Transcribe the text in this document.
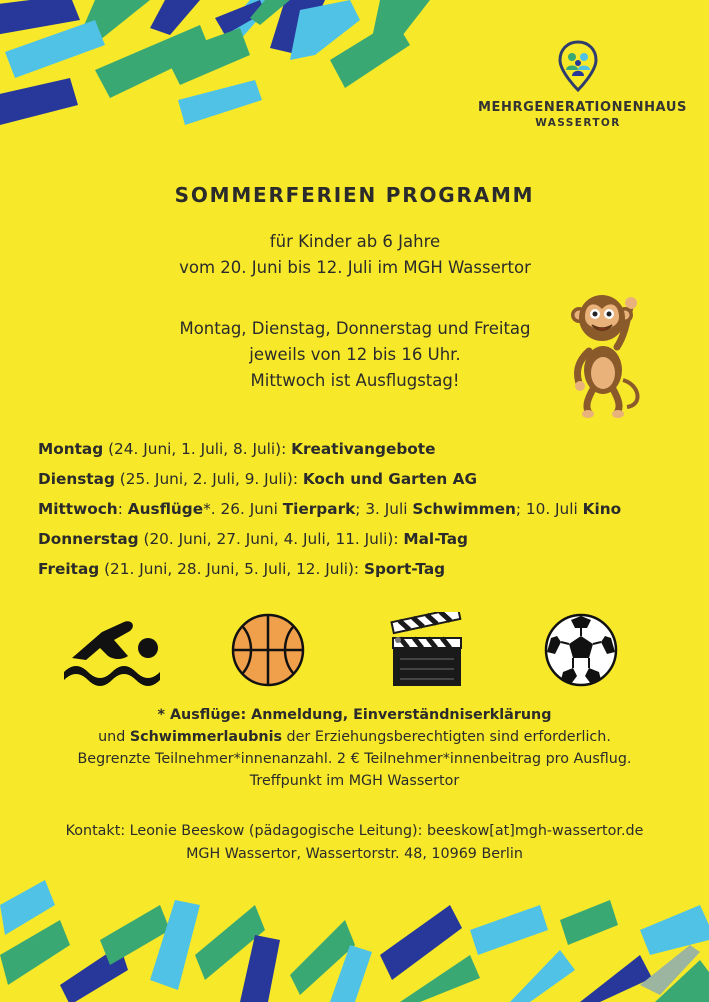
MEHRGENERATIONENHAUS
WASSERTOR
SOMMERFERIEN PROGRAMM
für Kinder ab 6 Jahre
vom 20. Juni bis 12. Juli im MGH Wassertor
Montag, Dienstag, Donnerstag und Freitag
jeweils von 12 bis 16 Uhr.
Mittwoch ist Ausflugstag!
Montag (24. Juni, 1. Juli, 8. Juli): Kreativangebote
Dienstag (25. Juni, 2. Juli, 9. Juli): Koch und Garten AG
Mittwoch: Ausflüge*. 26. Juni Tierpark; 3. Juli Schwimmen; 10. Juli Kino
Donnerstag (20. Juni, 27. Juni, 4. Juli, 11. Juli): Mal-Tag
Freitag (21. Juni, 28. Juni, 5. Juli, 12. Juli): Sport-Tag
* Ausflüge: Anmeldung, Einverständniserklärung
und Schwimmerlaubnis der Erziehungsberechtigten sind erforderlich.
Begrenzte Teilnehmer*innenanzahl. 2 € Teilnehmer*innenbeitrag pro Ausflug.
Treffpunkt im MGH Wassertor
Kontakt: Leonie Beeskow (pädagogische Leitung): beeskow[at]mgh-wassertor.de
MGH Wassertor, Wassertorstr. 48, 10969 Berlin
